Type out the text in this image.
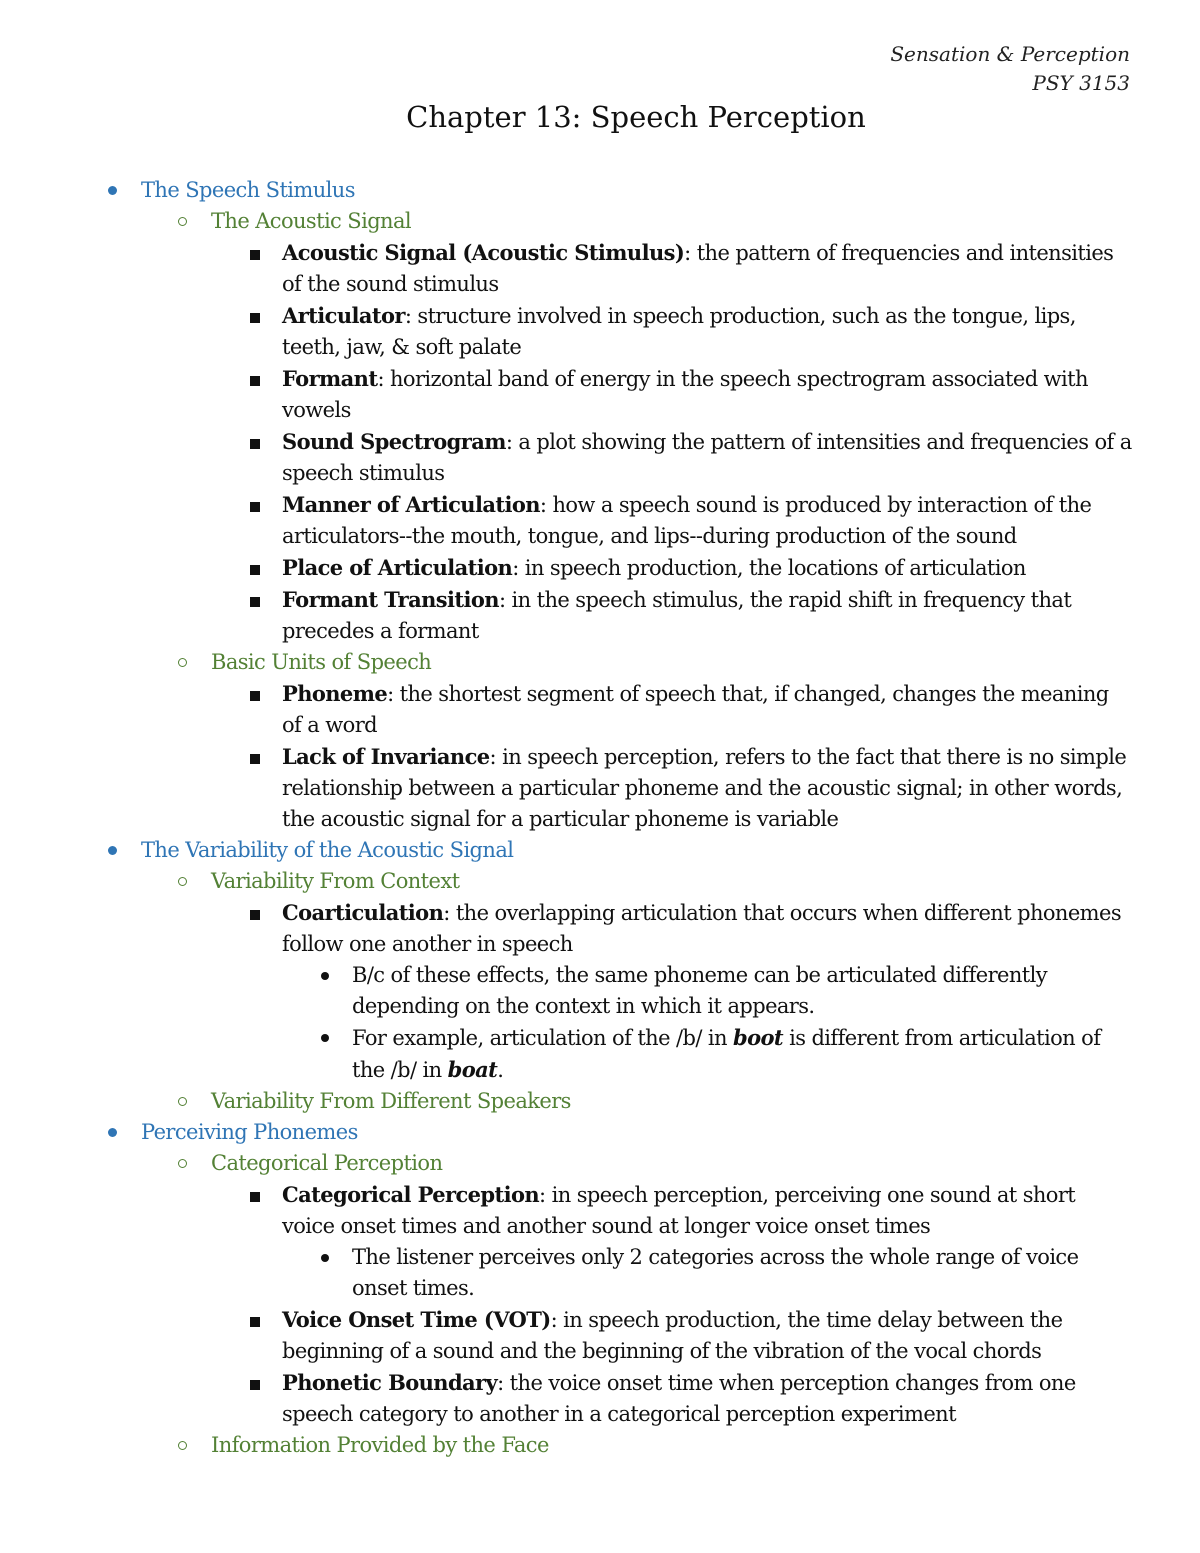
Sensation & Perception
PSY 3153
Chapter 13: Speech Perception
The Speech Stimulus
The Acoustic Signal
Acoustic Signal (Acoustic Stimulus): the pattern of frequencies and intensities of the sound stimulus
Articulator: structure involved in speech production, such as the tongue, lips, teeth, jaw, & soft palate
Formant: horizontal band of energy in the speech spectrogram associated with vowels
Sound Spectrogram: a plot showing the pattern of intensities and frequencies of a speech stimulus
Manner of Articulation: how a speech sound is produced by interaction of the articulators--the mouth, tongue, and lips--during production of the sound
Place of Articulation: in speech production, the locations of articulation
Formant Transition: in the speech stimulus, the rapid shift in frequency that precedes a formant
Basic Units of Speech
Phoneme: the shortest segment of speech that, if changed, changes the meaning of a word
Lack of Invariance: in speech perception, refers to the fact that there is no simple relationship between a particular phoneme and the acoustic signal; in other words, the acoustic signal for a particular phoneme is variable
The Variability of the Acoustic Signal
Variability From Context
Coarticulation: the overlapping articulation that occurs when different phonemes follow one another in speech
B/c of these effects, the same phoneme can be articulated differently depending on the context in which it appears.
For example, articulation of the /b/ in boot is different from articulation of the /b/ in boat.
Variability From Different Speakers
Perceiving Phonemes
Categorical Perception
Categorical Perception: in speech perception, perceiving one sound at short voice onset times and another sound at longer voice onset times
The listener perceives only 2 categories across the whole range of voice onset times.
Voice Onset Time (VOT): in speech production, the time delay between the beginning of a sound and the beginning of the vibration of the vocal chords
Phonetic Boundary: the voice onset time when perception changes from one speech category to another in a categorical perception experiment
Information Provided by the Face
